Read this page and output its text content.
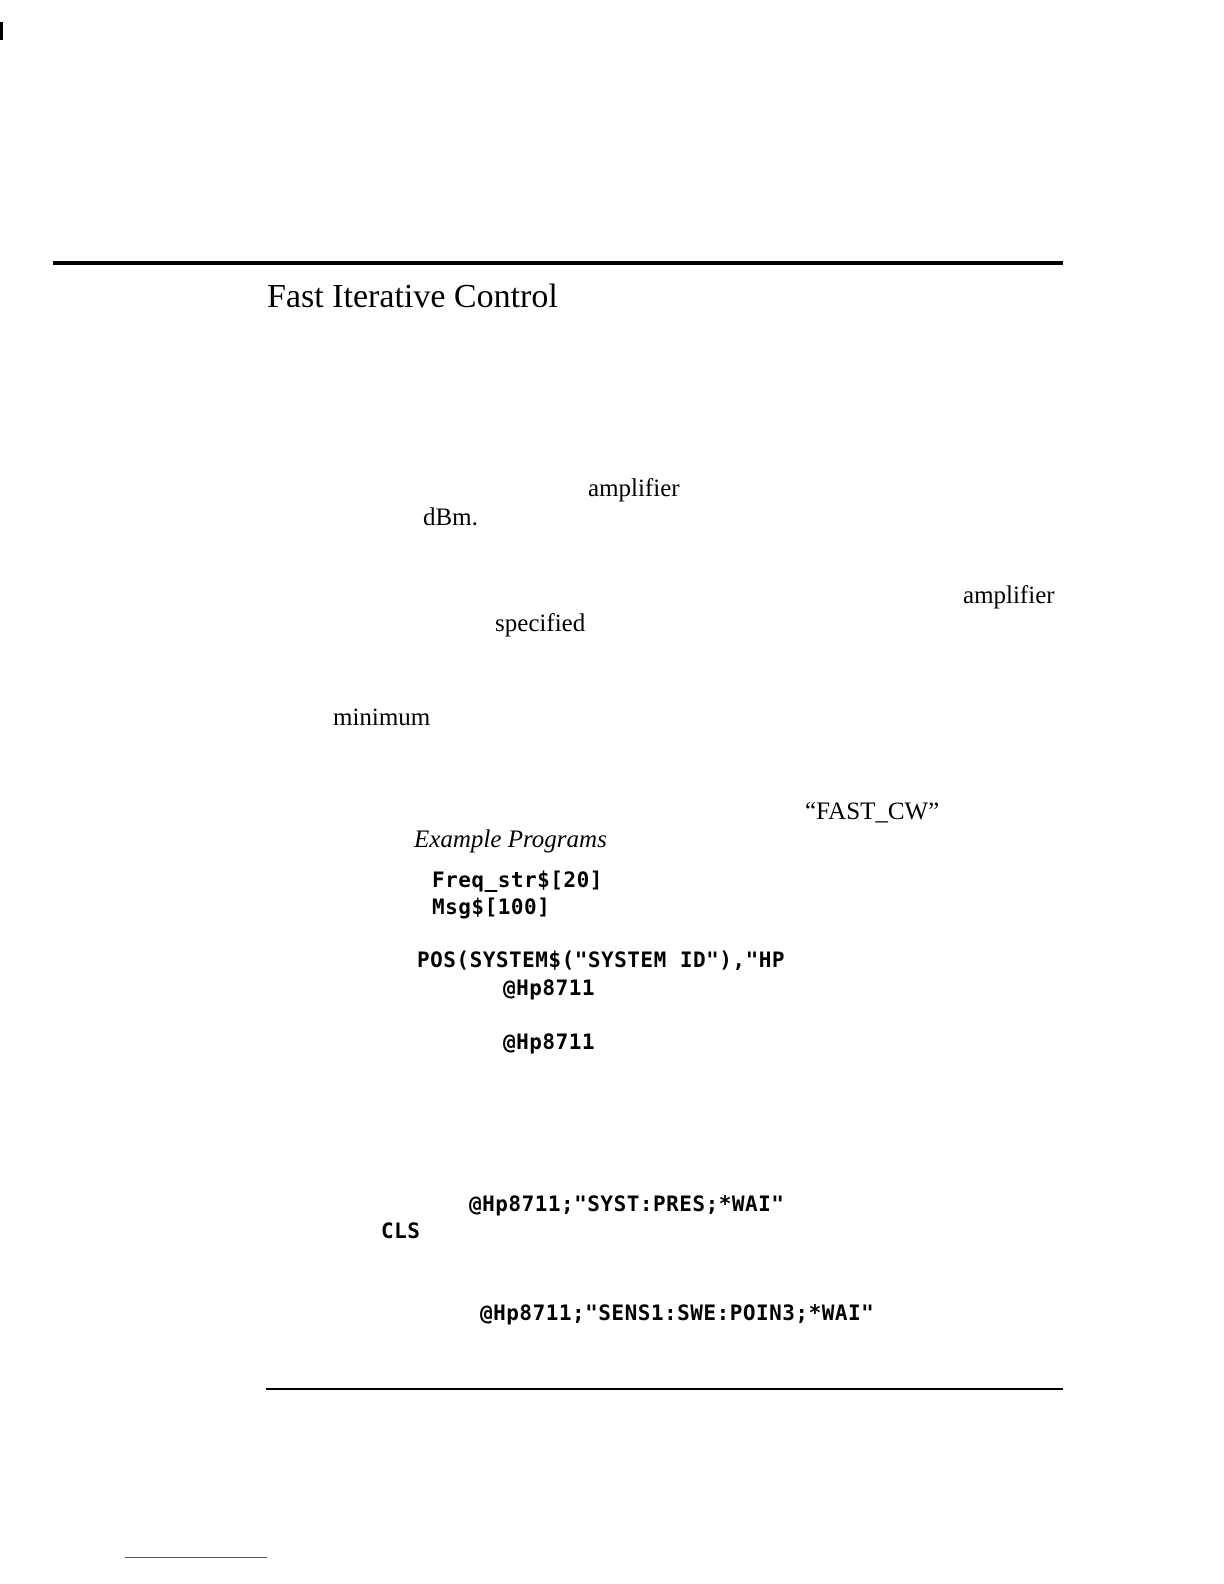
Fast Iterative Control
amplifier
dBm.
amplifier
specified
minimum
“FAST_CW”
Example Programs
Freq_str$[20]
Msg$[100]
POS(SYSTEM$("SYSTEM ID"),"HP
@Hp8711
@Hp8711
@Hp8711;"SYST:PRES;*WAI"
CLS
@Hp8711;"SENS1:SWE:POIN3;*WAI"
